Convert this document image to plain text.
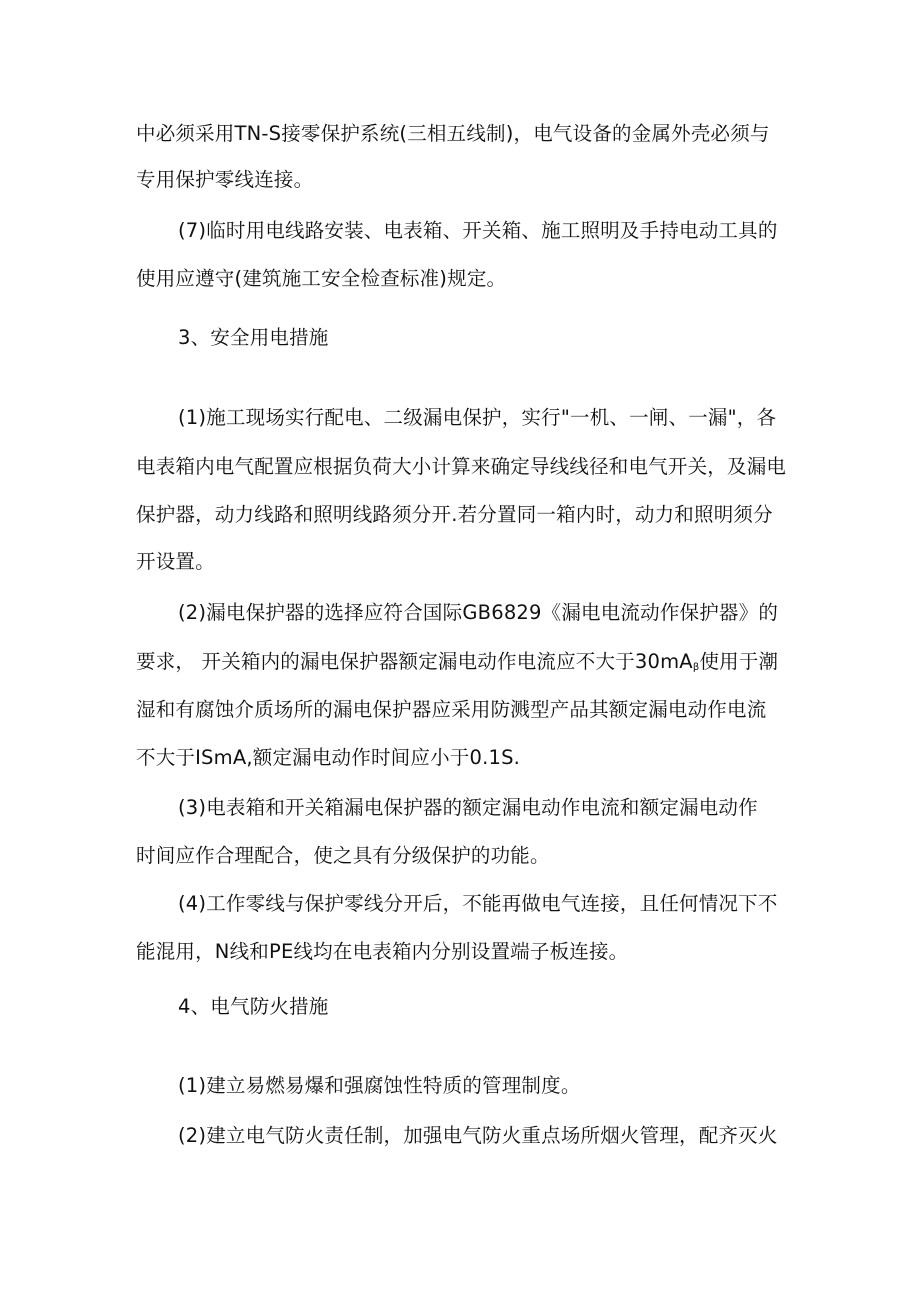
中必须采用TN-S接零保护系统(三相五线制)，电气设备的金属外壳必须与
专用保护零线连接。
(7)临时用电线路安装、电表箱、开关箱、施工照明及手持电动工具的
使用应遵守(建筑施工安全检查标准)规定。
3、安全用电措施
(1)施工现场实行配电、二级漏电保护，实行"一机、一闸、一漏"，各
电表箱内电气配置应根据负荷大小计算来确定导线线径和电气开关，及漏电
保护器，动力线路和照明线路须分开.若分置同一箱内时，动力和照明须分
开设置。
(2)漏电保护器的选择应符合国际GB6829《漏电电流动作保护器》的
要求， 开关箱内的漏电保护器额定漏电动作电流应不大于$30mA_\beta$使用于潮
湿和有腐蚀介质场所的漏电保护器应采用防溅型产品其额定漏电动作电流
不大于ISmA,额定漏电动作时间应小于0.1S.
(3)电表箱和开关箱漏电保护器的额定漏电动作电流和额定漏电动作
时间应作合理配合，使之具有分级保护的功能。
(4)工作零线与保护零线分开后，不能再做电气连接，且任何情况下不
能混用，N线和PE线均在电表箱内分别设置端子板连接。
4、电气防火措施
(1)建立易燃易爆和强腐蚀性特质的管理制度。
(2)建立电气防火责任制，加强电气防火重点场所烟火管理，配齐灭火
